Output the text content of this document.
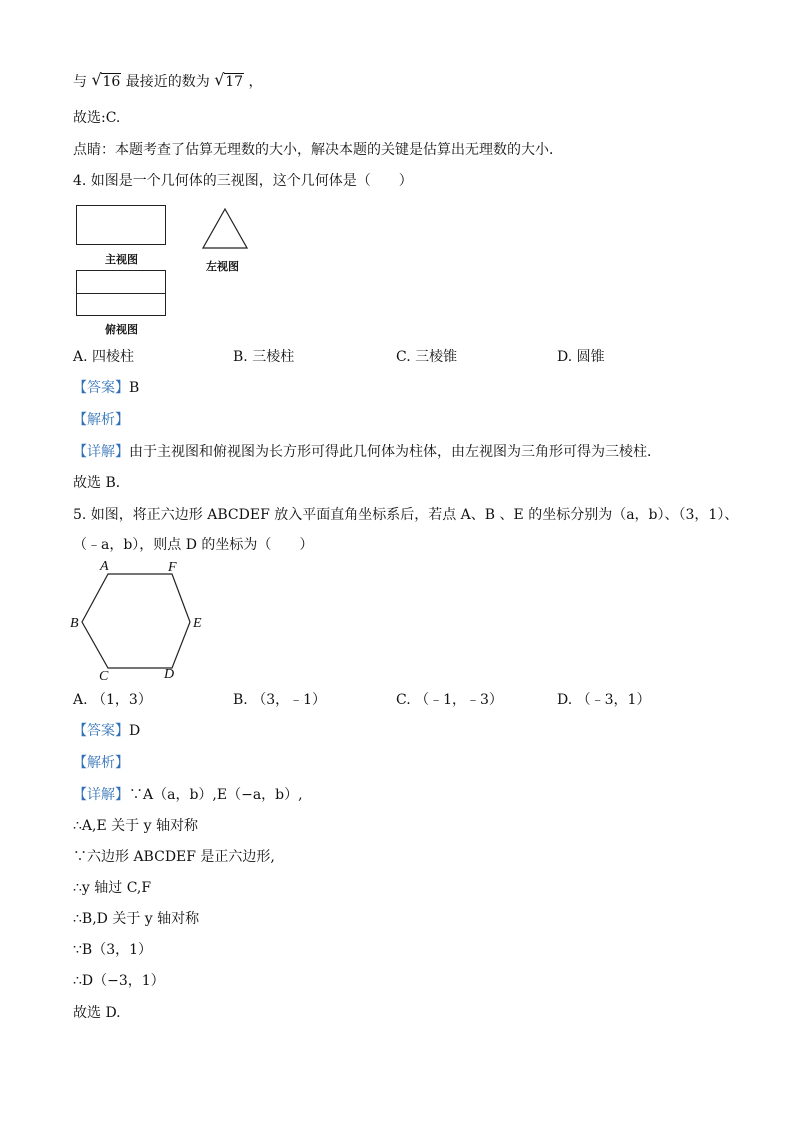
与 √ 16 最接近的数为 √ 17 ，
故选:C.
点睛：本题考查了估算无理数的大小，解决本题的关键是估算出无理数的大小．
4. 如图是一个几何体的三视图，这个几何体是（　　）
主视图
左视图
俯视图
A. 四棱柱	B. 三棱柱	C. 三棱锥	D. 圆锥
【答案】B
【解析】
【详解】由于主视图和俯视图为长方形可得此几何体为柱体，由左视图为三角形可得为三棱柱．
故选 B．
5. 如图，将正六边形 ABCDEF 放入平面直角坐标系后，若点 A、B 、E 的坐标分别为（a，b）、（3，1）、
（﹣a，b），则点 D 的坐标为（　　）
A	F
B	E
C	D
A. （1，3）	B. （3，﹣1）	C. （﹣1，﹣3）	D. （﹣3，1）
【答案】D
【解析】
【详解】∵A（a，b）,E（−a，b）,
∴A,E 关于 y 轴对称
∵六边形 ABCDEF 是正六边形,
∴y 轴过 C,F
∴B,D 关于 y 轴对称
∵B（3，1）
∴D（−3，1）
故选 D.
